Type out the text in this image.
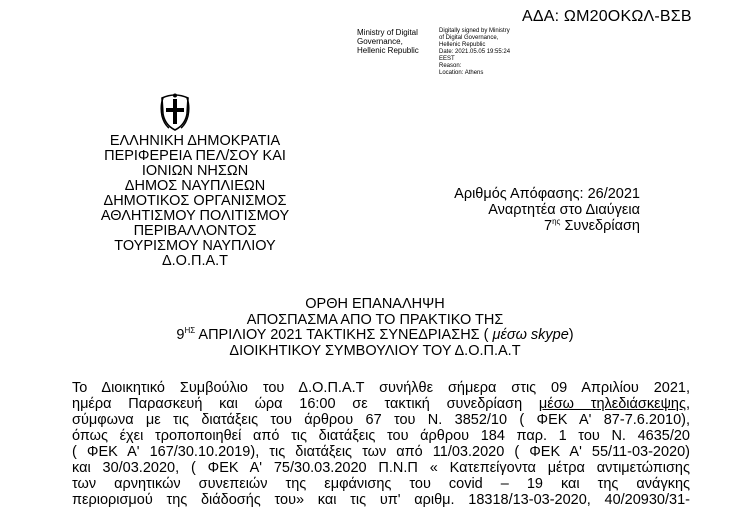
ΑΔΑ: ΩΜ20ΟΚΩΛ-ΒΣΒ
Ministry of Digital
Governance,
Hellenic Republic
Digitally signed by Ministry
of Digital Governance,
Hellenic Republic
Date: 2021.05.05 19:55:24
EEST
Reason:
Location: Athens
ΕΛΛΗΝΙΚΗ ΔΗΜΟΚΡΑΤΙΑ
ΠΕΡΙΦΕΡΕΙΑ ΠΕΛ/ΣΟΥ ΚΑΙ
ΙΟΝΙΩΝ ΝΗΣΩΝ
ΔΗΜΟΣ ΝΑΥΠΛΙΕΩΝ
ΔΗΜΟΤΙΚΟΣ ΟΡΓΑΝΙΣΜΟΣ
ΑΘΛΗΤΙΣΜΟΥ ΠΟΛΙΤΙΣΜΟΥ
ΠΕΡΙΒΑΛΛΟΝΤΟΣ
ΤΟΥΡΙΣΜΟΥ ΝΑΥΠΛΙΟΥ
Δ.Ο.Π.Α.Τ
Αριθμός Απόφασης: 26/2021
Αναρτητέα στο Διαύγεια
$7^{\eta\varsigma}$ Συνεδρίαση
ΟΡΘΗ ΕΠΑΝΑΛΗΨΗ
ΑΠΟΣΠΑΣΜΑ ΑΠΟ ΤΟ ΠΡΑΚΤΙΚΟ ΤΗΣ
$9^{H\Sigma}$ ΑΠΡΙΛΙΟΥ 2021 ΤΑΚΤΙΚΗΣ ΣΥΝΕΔΡΙΑΣΗΣ ( μέσω skype)
ΔΙΟΙΚΗΤΙΚΟΥ ΣΥΜΒΟΥΛΙΟΥ ΤΟΥ Δ.Ο.Π.Α.Τ
Το Διοικητικό Συμβούλιο του Δ.Ο.Π.Α.Τ συνήλθε σήμερα στις 09 Απριλίου 2021,
ημέρα Παρασκευή και ώρα 16:00 σε τακτική συνεδρίαση μέσω τηλεδιάσκεψης,
σύμφωνα με τις διατάξεις του άρθρου 67 του Ν. 3852/10 ( ΦΕΚ Α' 87-7.6.2010),
όπως έχει τροποποιηθεί από τις διατάξεις του άρθρου 184 παρ. 1 του Ν. 4635/20
( ΦΕΚ Α' 167/30.10.2019), τις διατάξεις των από 11/03.2020 ( ΦΕΚ Α' 55/11-03-2020)
και 30/03.2020, ( ΦΕΚ Α' 75/30.03.2020 Π.Ν.Π « Κατεπείγοντα μέτρα αντιμετώπισης
των αρνητικών συνεπειών της εμφάνισης του covid – 19 και της ανάγκης
περιορισμού της διάδοσής του» και τις υπ' αριθμ. 18318/13-03-2020, 40/20930/31-
